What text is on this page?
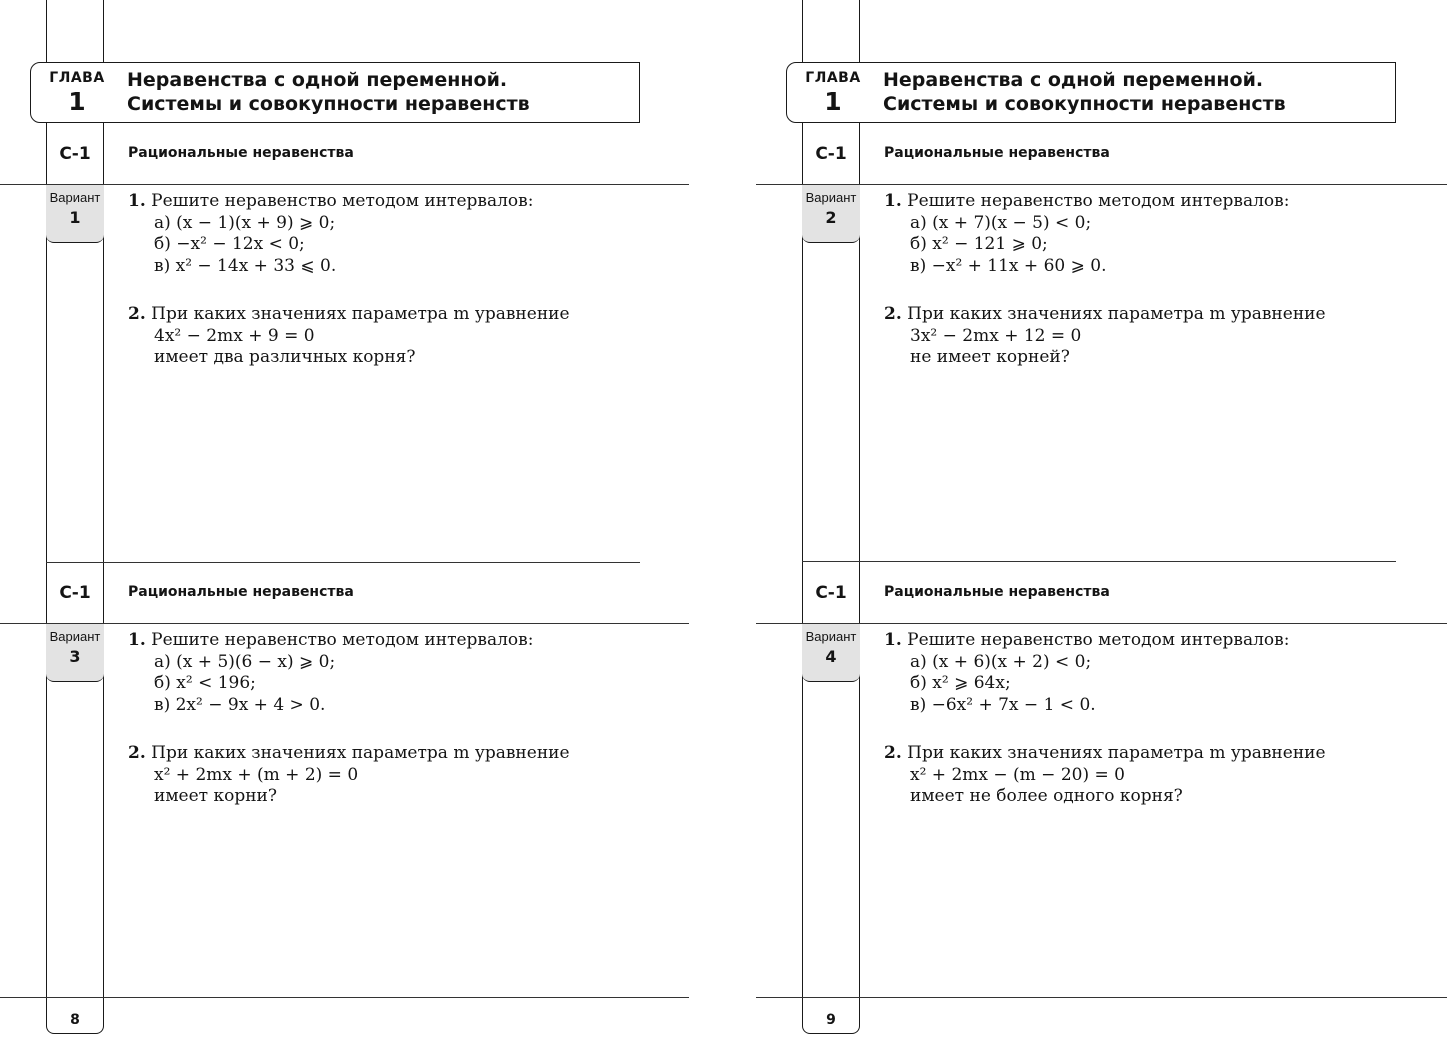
ГЛАВА
1
Неравенства с одной переменной.
Системы и совокупности неравенств
С-1	Рациональные неравенства
Вариант
1
1. Решите неравенство методом интервалов:
а) (x − 1)(x + 9) ⩾ 0;
б) −x² − 12x < 0;
в) x² − 14x + 33 ⩽ 0.
2. При каких значениях параметра m уравнение
4x² − 2mx + 9 = 0
имеет два различных корня?
С-1	Рациональные неравенства
Вариант
3
1. Решите неравенство методом интервалов:
а) (x + 5)(6 − x) ⩾ 0;
б) x² < 196;
в) 2x² − 9x + 4 > 0.
2. При каких значениях параметра m уравнение
x² + 2mx + (m + 2) = 0
имеет корни?
8
ГЛАВА
1
Неравенства с одной переменной.
Системы и совокупности неравенств
С-1	Рациональные неравенства
Вариант
2
1. Решите неравенство методом интервалов:
а) (x + 7)(x − 5) < 0;
б) x² − 121 ⩾ 0;
в) −x² + 11x + 60 ⩾ 0.
2. При каких значениях параметра m уравнение
3x² − 2mx + 12 = 0
не имеет корней?
С-1	Рациональные неравенства
Вариант
4
1. Решите неравенство методом интервалов:
а) (x + 6)(x + 2) < 0;
б) x² ⩾ 64x;
в) −6x² + 7x − 1 < 0.
2. При каких значениях параметра m уравнение
x² + 2mx − (m − 20) = 0
имеет не более одного корня?
9
